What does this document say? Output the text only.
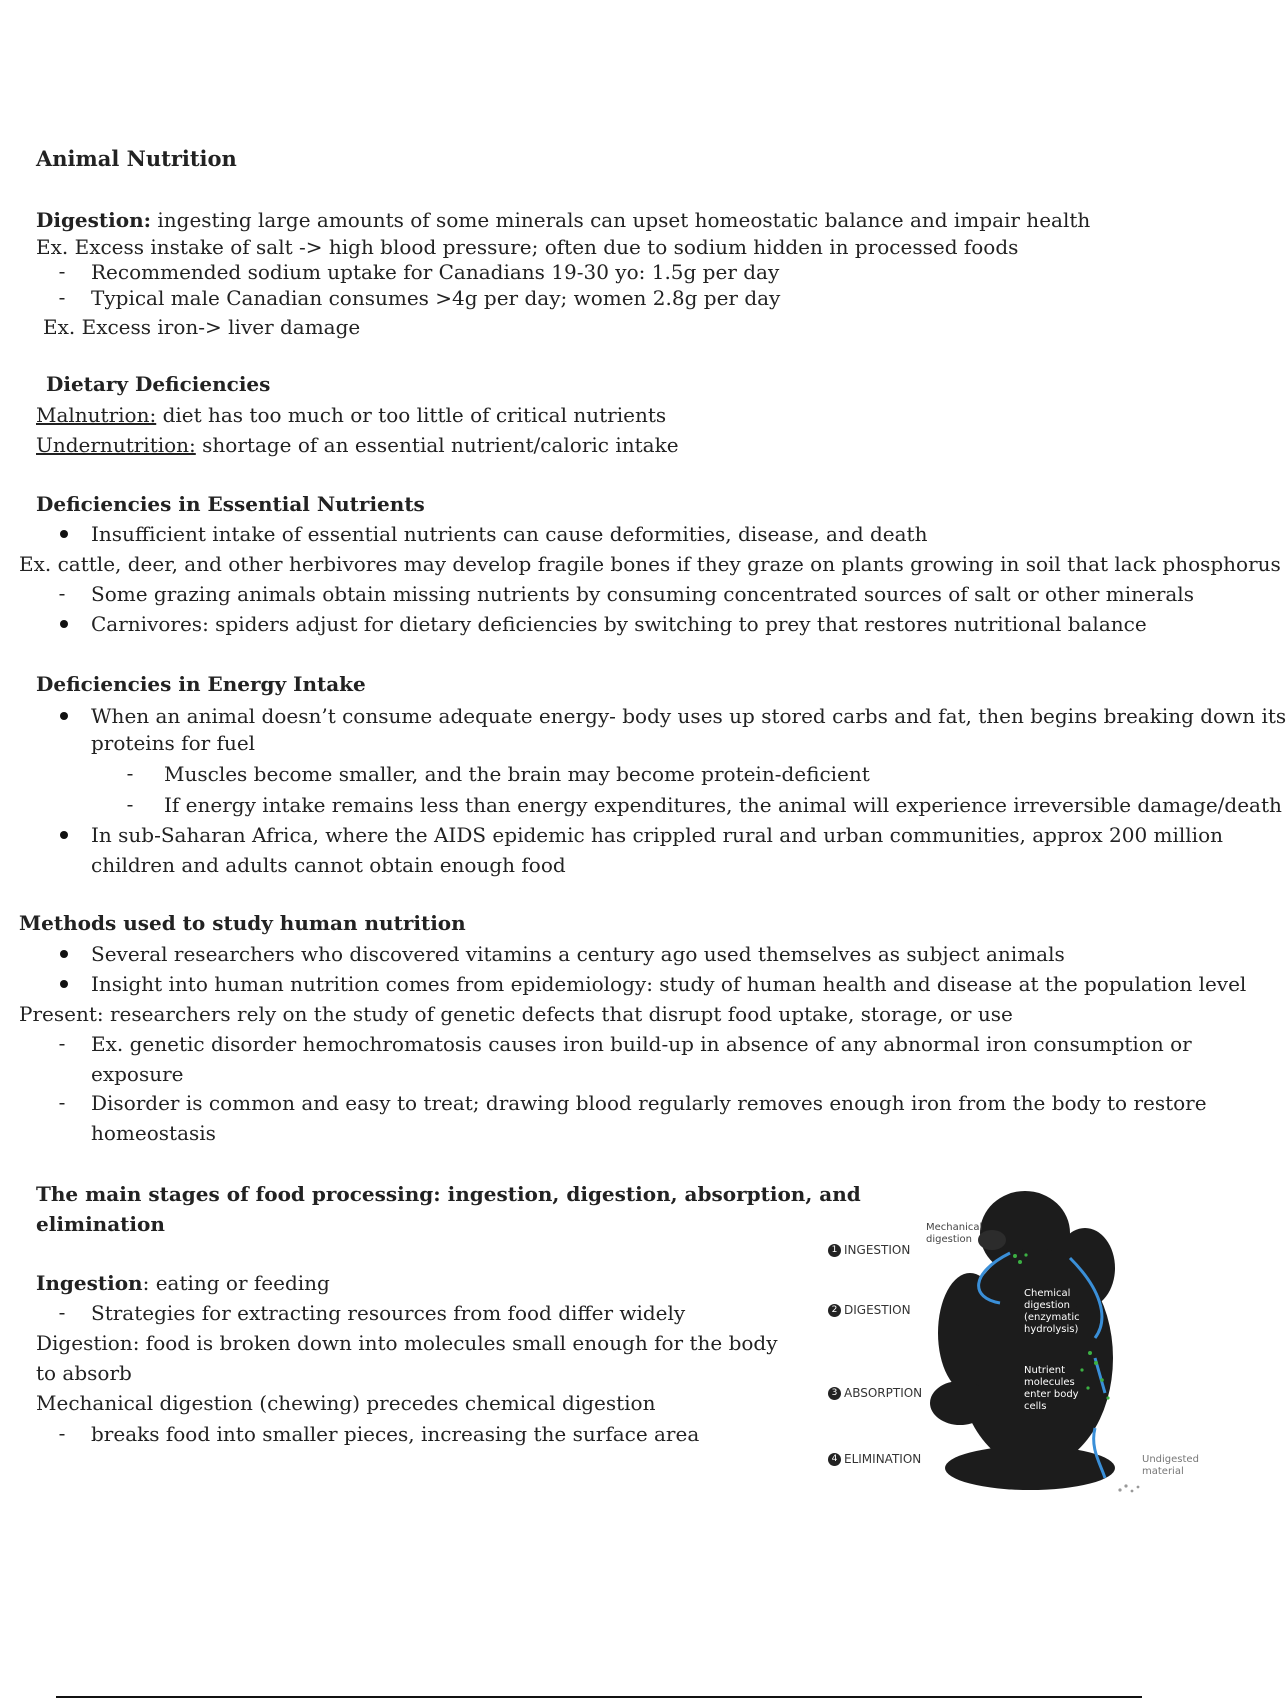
Animal Nutrition
Digestion: ingesting large amounts of some minerals can upset homeostatic balance and impair health
Ex. Excess instake of salt -> high blood pressure; often due to sodium hidden in processed foods
-	Recommended sodium uptake for Canadians 19-30 yo: 1.5g per day
-	Typical male Canadian consumes >4g per day; women 2.8g per day
Ex. Excess iron-> liver damage
Dietary Deficiencies
Malnutrion: diet has too much or too little of critical nutrients
Undernutrition: shortage of an essential nutrient/caloric intake
Deficiencies in Essential Nutrients
Insufficient intake of essential nutrients can cause deformities, disease, and death
Ex. cattle, deer, and other herbivores may develop fragile bones if they graze on plants growing in soil that lack phosphorus
-	Some grazing animals obtain missing nutrients by consuming concentrated sources of salt or other minerals
Carnivores: spiders adjust for dietary deficiencies by switching to prey that restores nutritional balance
Deficiencies in Energy Intake
When an animal doesn’t consume adequate energy- body uses up stored carbs and fat, then begins breaking down its
proteins for fuel
-	Muscles become smaller, and the brain may become protein-deficient
-	If energy intake remains less than energy expenditures, the animal will experience irreversible damage/death
In sub-Saharan Africa, where the AIDS epidemic has crippled rural and urban communities, approx 200 million
children and adults cannot obtain enough food
Methods used to study human nutrition
Several researchers who discovered vitamins a century ago used themselves as subject animals
Insight into human nutrition comes from epidemiology: study of human health and disease at the population level
Present: researchers rely on the study of genetic defects that disrupt food uptake, storage, or use
-	Ex. genetic disorder hemochromatosis causes iron build-up in absence of any abnormal iron consumption or
exposure
-	Disorder is common and easy to treat; drawing blood regularly removes enough iron from the body to restore
homeostasis
The main stages of food processing: ingestion, digestion, absorption, and
elimination
Ingestion: eating or feeding
-	Strategies for extracting resources from food differ widely
Digestion: food is broken down into molecules small enough for the body
to absorb
Mechanical digestion (chewing) precedes chemical digestion
-	breaks food into smaller pieces, increasing the surface area
1 INGESTION
2 DIGESTION
3 ABSORPTION
4 ELIMINATION
Mechanical digestion
Chemical digestion (enzymatic hydrolysis)
Nutrient molecules enter body cells
Undigested material
